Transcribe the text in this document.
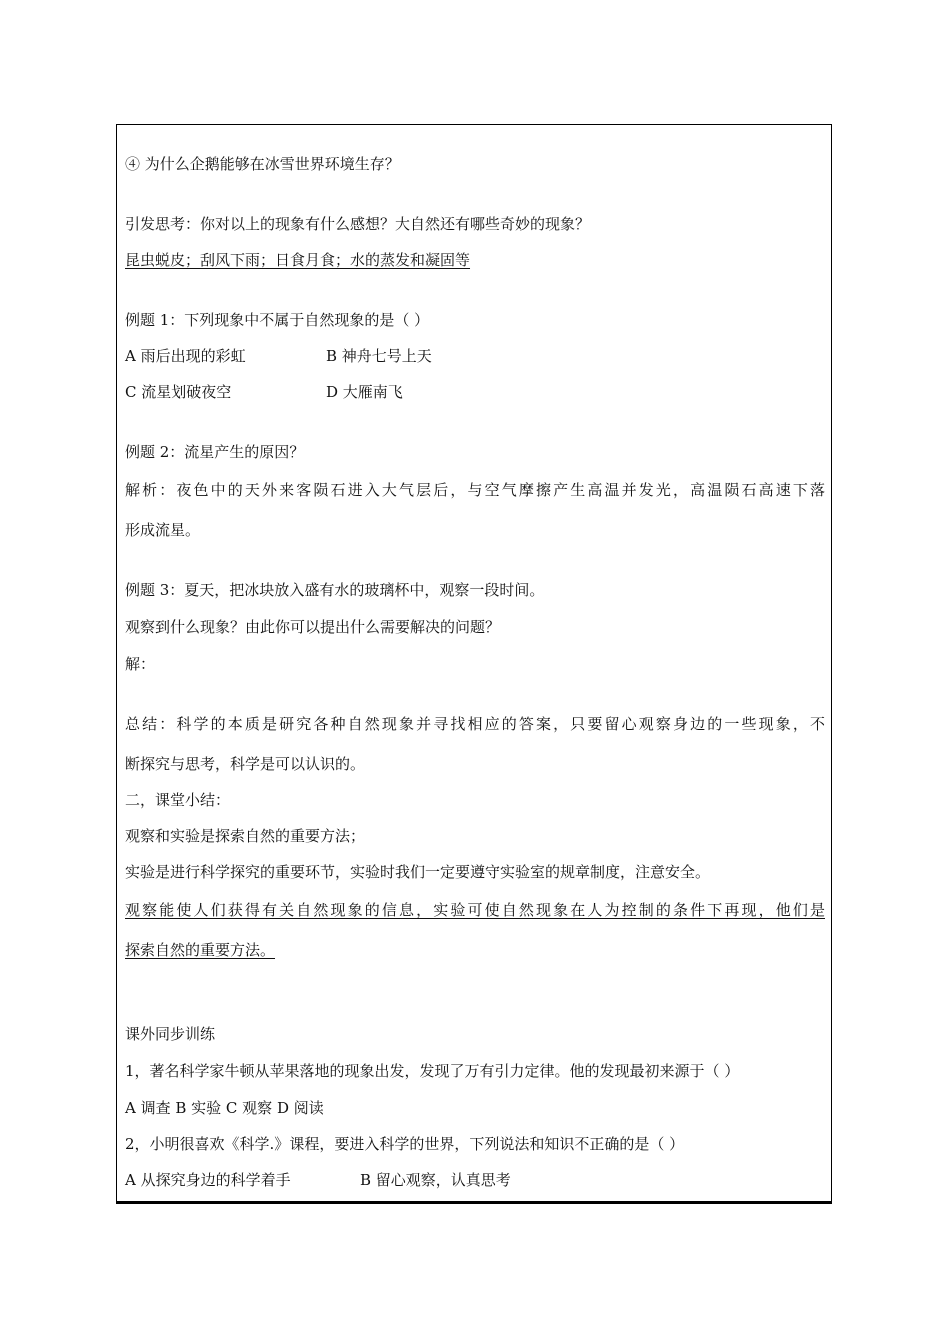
④ 为什么企鹅能够在冰雪世界环境生存？
引发思考：你对以上的现象有什么感想？大自然还有哪些奇妙的现象？
昆虫蜕皮；刮风下雨；日食月食；水的蒸发和凝固等
例题 1：下列现象中不属于自然现象的是（ ）
A 雨后出现的彩虹	B 神舟七号上天
C 流星划破夜空	D 大雁南飞
例题 2：流星产生的原因？
解析：夜色中的天外来客陨石进入大气层后，与空气摩擦产生高温并发光，高温陨石高速下落
形成流星。
例题 3：夏天，把冰块放入盛有水的玻璃杯中，观察一段时间。
观察到什么现象？由此你可以提出什么需要解决的问题？
解：
总结：科学的本质是研究各种自然现象并寻找相应的答案，只要留心观察身边的一些现象，不
断探究与思考，科学是可以认识的。
二，课堂小结：
观察和实验是探索自然的重要方法；
实验是进行科学探究的重要环节，实验时我们一定要遵守实验室的规章制度，注意安全。
观察能使人们获得有关自然现象的信息，实验可使自然现象在人为控制的条件下再现，他们是
探索自然的重要方法。
课外同步训练
1，著名科学家牛顿从苹果落地的现象出发，发现了万有引力定律。他的发现最初来源于（ ）
A 调查 B 实验 C 观察 D 阅读
2，小明很喜欢《科学.》课程，要进入科学的世界，下列说法和知识不正确的是（ ）
A 从探究身边的科学着手	B 留心观察，认真思考
